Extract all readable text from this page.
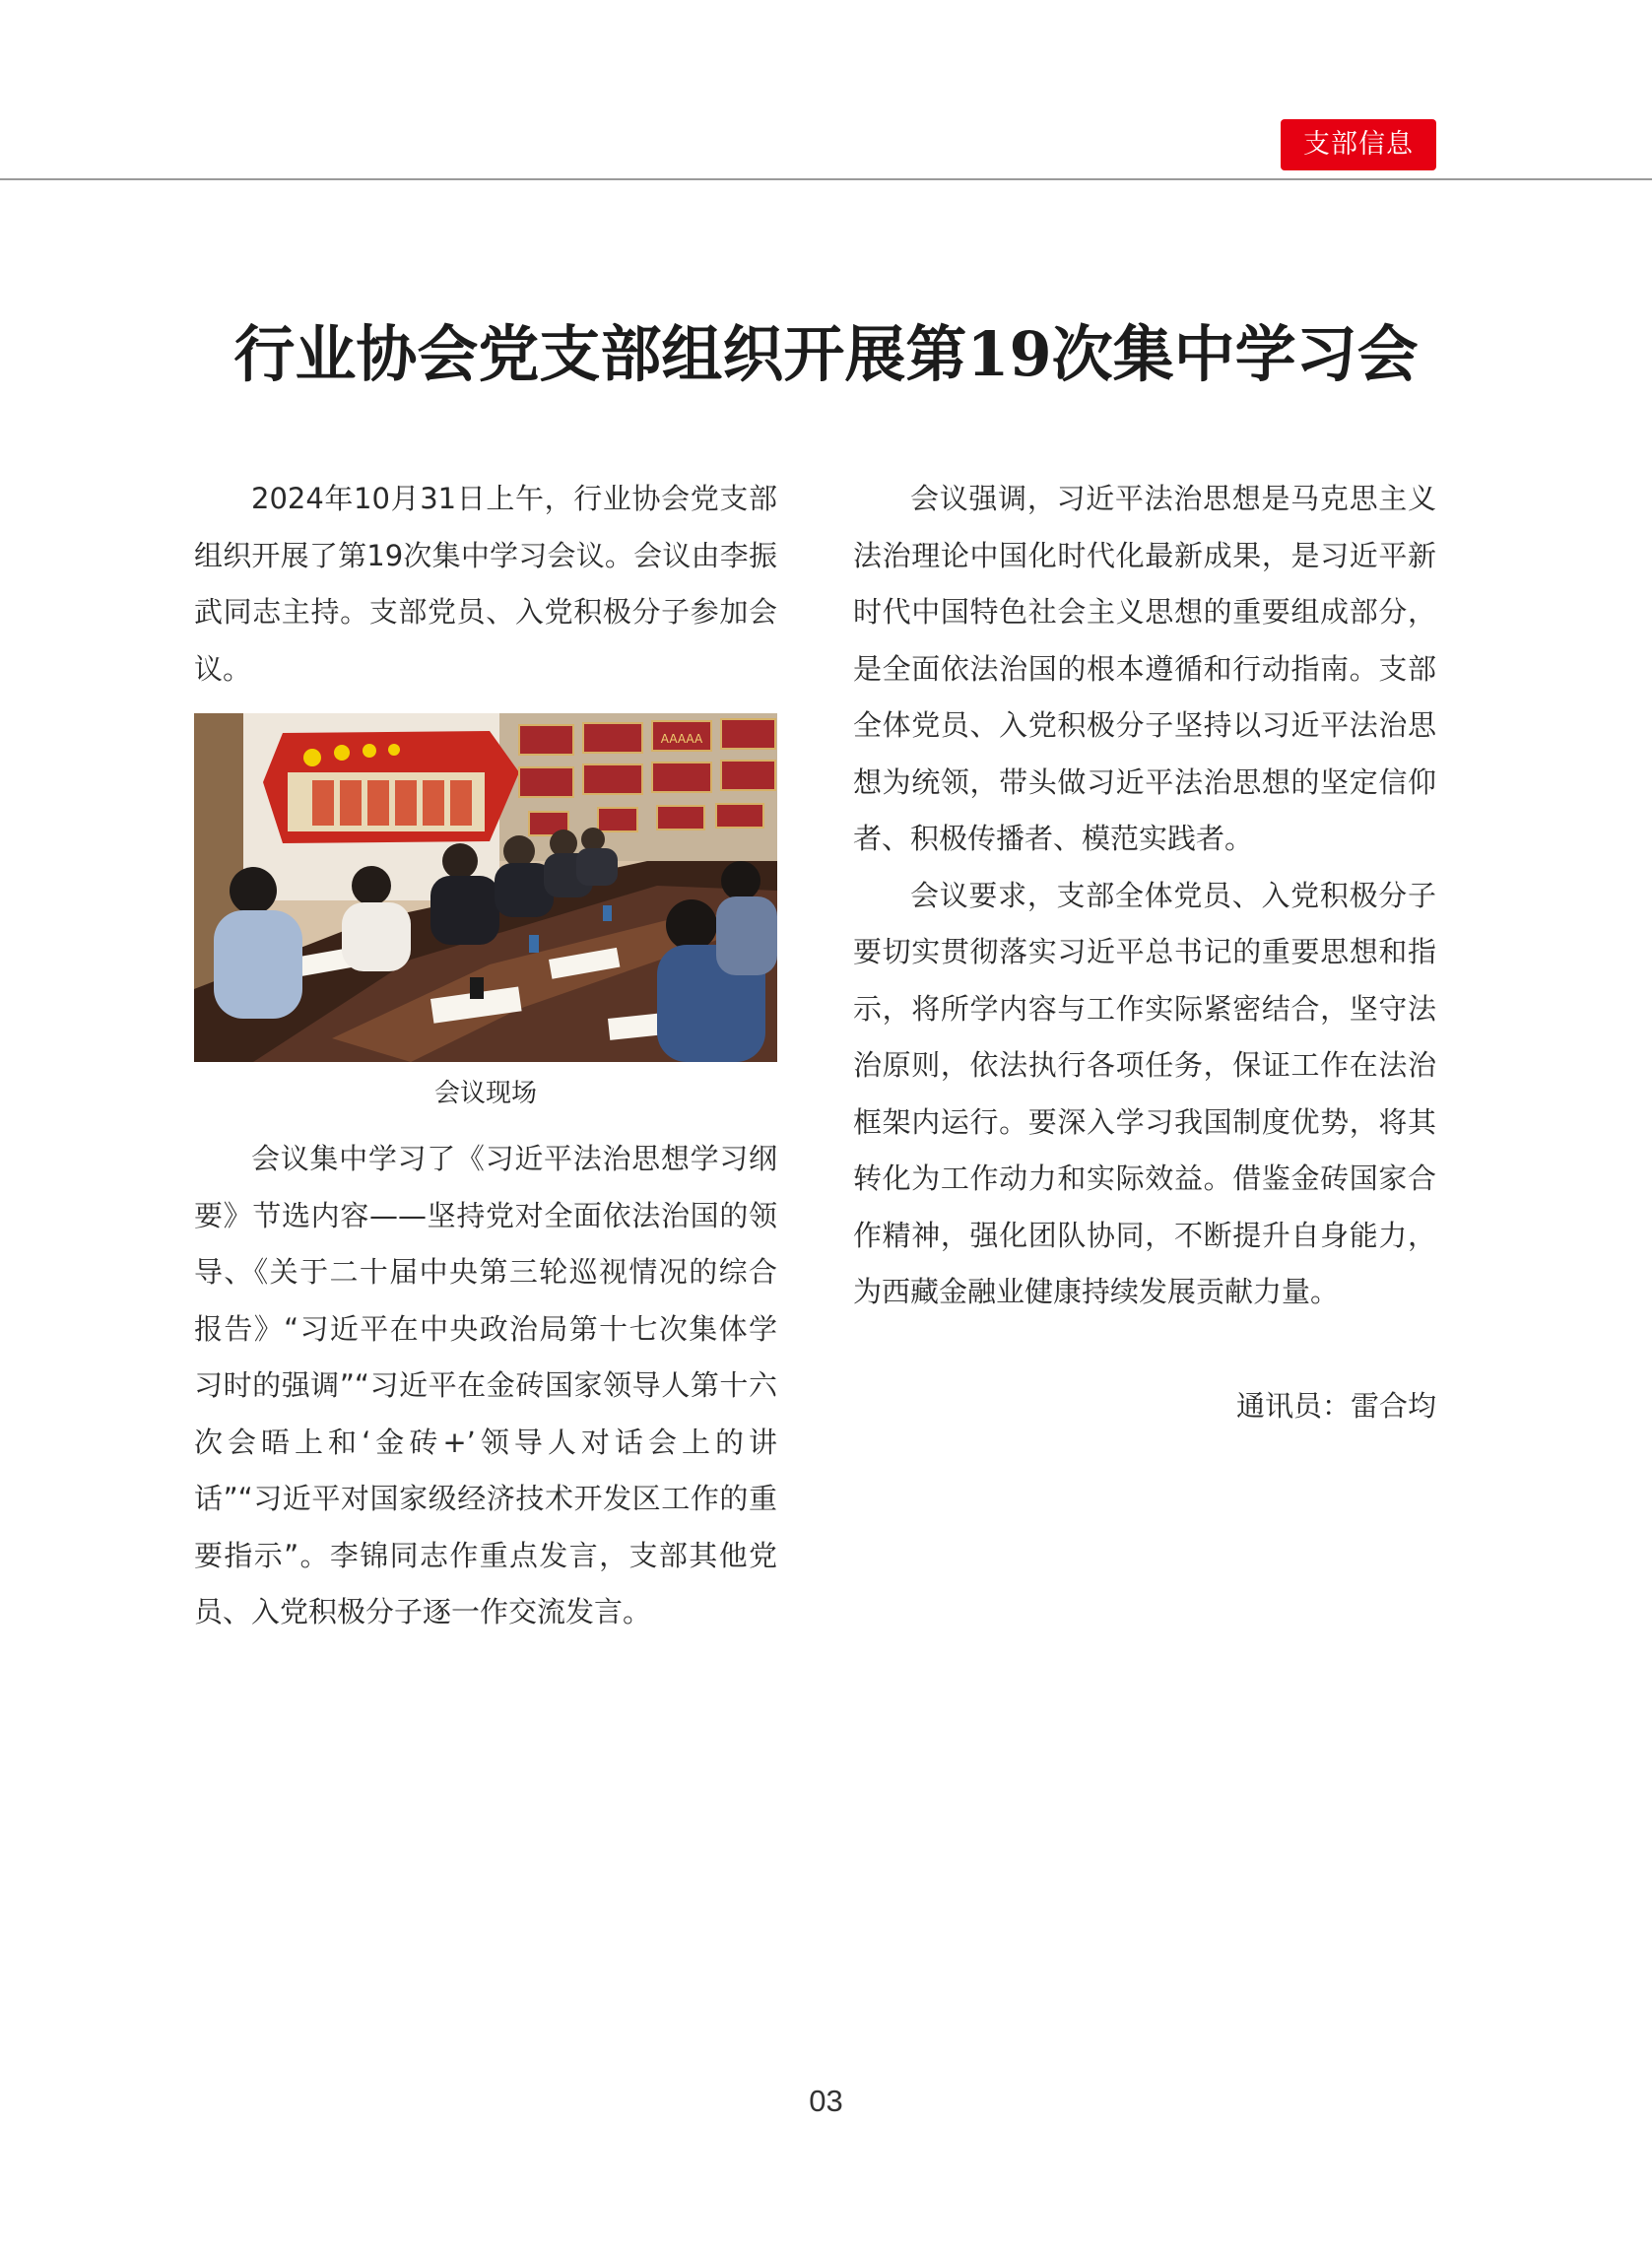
支部信息
行业协会党支部组织开展第19次集中学习会

2024年10月31日上午，行业协会党支部组织开展了第19次集中学习会议。会议由李振武同志主持。支部党员、入党积极分子参加会议。

AAAAA
会议现场

会议集中学习了《习近平法治思想学习纲要》节选内容——坚持党对全面依法治国的领导、《关于二十届中央第三轮巡视情况的综合报告》“习近平在中央政治局第十七次集体学习时的强调”“习近平在金砖国家领导人第十六次会晤上和‘金砖+’领导人对话会上的讲话”“习近平对国家级经济技术开发区工作的重要指示”。李锦同志作重点发言，支部其他党员、入党积极分子逐一作交流发言。

会议强调，习近平法治思想是马克思主义法治理论中国化时代化最新成果，是习近平新时代中国特色社会主义思想的重要组成部分，是全面依法治国的根本遵循和行动指南。支部全体党员、入党积极分子坚持以习近平法治思想为统领，带头做习近平法治思想的坚定信仰者、积极传播者、模范实践者。

会议要求，支部全体党员、入党积极分子要切实贯彻落实习近平总书记的重要思想和指示，将所学内容与工作实际紧密结合，坚守法治原则，依法执行各项任务，保证工作在法治框架内运行。要深入学习我国制度优势，将其转化为工作动力和实际效益。借鉴金砖国家合作精神，强化团队协同，不断提升自身能力，为西藏金融业健康持续发展贡献力量。

通讯员：雷合均
03
